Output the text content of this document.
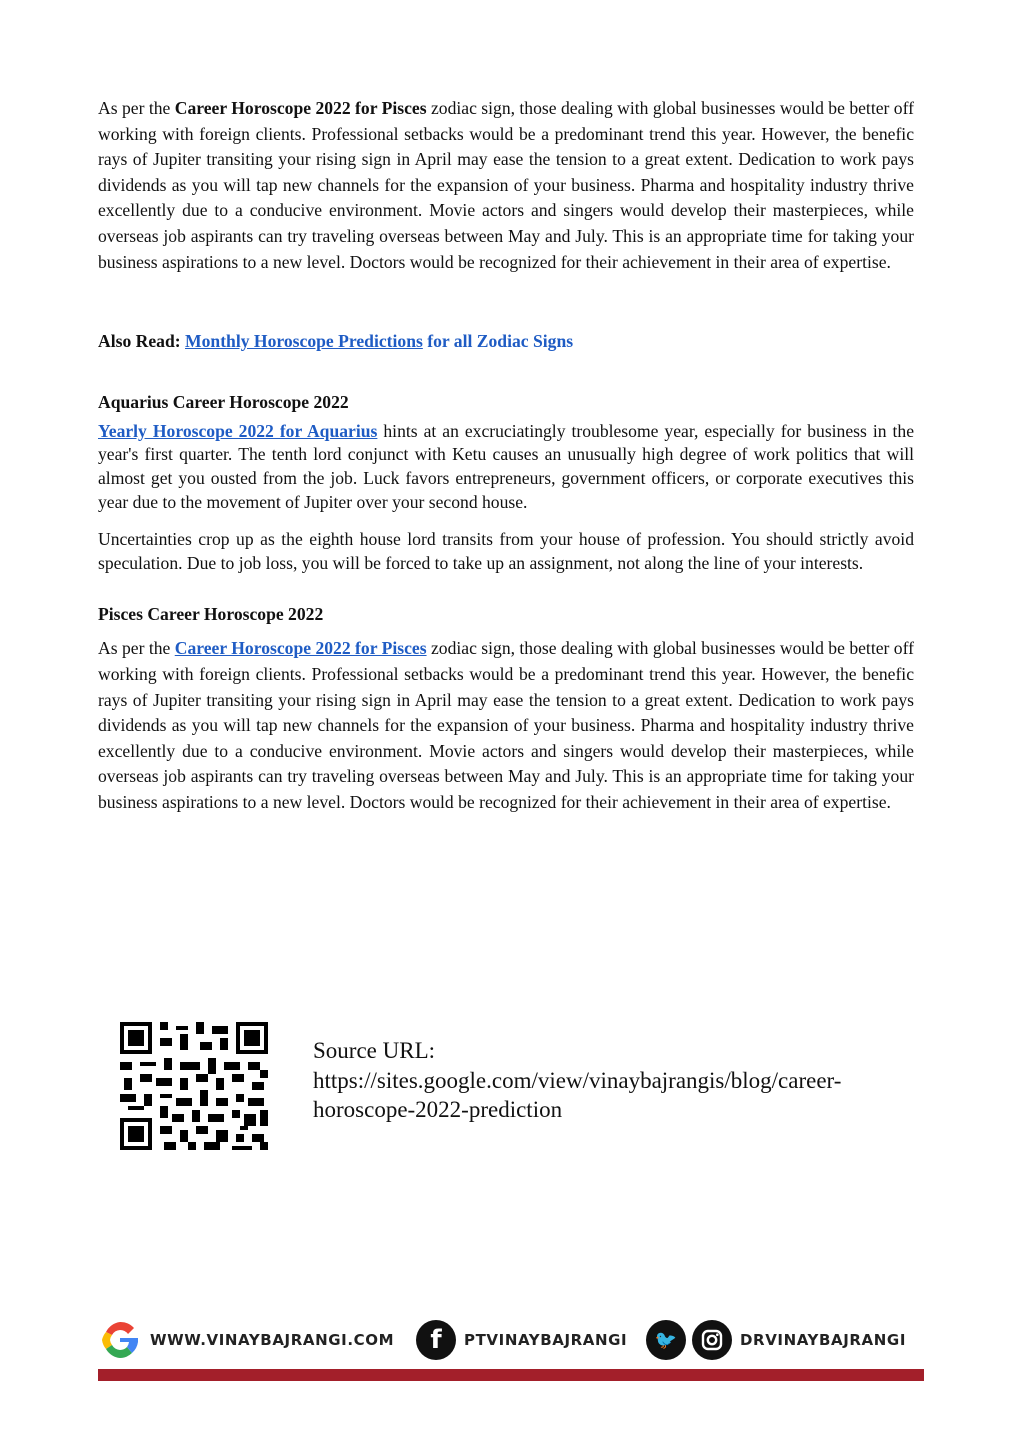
As per the Career Horoscope 2022 for Pisces zodiac sign, those dealing with global businesses would be better off working with foreign clients. Professional setbacks would be a predominant trend this year. However, the benefic rays of Jupiter transiting your rising sign in April may ease the tension to a great extent. Dedication to work pays dividends as you will tap new channels for the expansion of your business. Pharma and hospitality industry thrive excellently due to a conducive environment. Movie actors and singers would develop their masterpieces, while overseas job aspirants can try traveling overseas between May and July. This is an appropriate time for taking your business aspirations to a new level. Doctors would be recognized for their achievement in their area of expertise.

Also Read: Monthly Horoscope Predictions for all Zodiac Signs

Aquarius Career Horoscope 2022

Yearly Horoscope 2022 for Aquarius hints at an excruciatingly troublesome year, especially for business in the year's first quarter. The tenth lord conjunct with Ketu causes an unusually high degree of work politics that will almost get you ousted from the job. Luck favors entrepreneurs, government officers, or corporate executives this year due to the movement of Jupiter over your second house.

Uncertainties crop up as the eighth house lord transits from your house of profession. You should strictly avoid speculation. Due to job loss, you will be forced to take up an assignment, not along the line of your interests.

Pisces Career Horoscope 2022

As per the Career Horoscope 2022 for Pisces zodiac sign, those dealing with global businesses would be better off working with foreign clients. Professional setbacks would be a predominant trend this year. However, the benefic rays of Jupiter transiting your rising sign in April may ease the tension to a great extent. Dedication to work pays dividends as you will tap new channels for the expansion of your business. Pharma and hospitality industry thrive excellently due to a conducive environment. Movie actors and singers would develop their masterpieces, while overseas job aspirants can try traveling overseas between May and July. This is an appropriate time for taking your business aspirations to a new level. Doctors would be recognized for their achievement in their area of expertise.

Source URL:
https://sites.google.com/view/vinaybajrangis/blog/career-
horoscope-2022-prediction
WWW.VINAYBAJRANGI.COM	f	PTVINAYBAJRANGI	🐦	DRVINAYBAJRANGI
